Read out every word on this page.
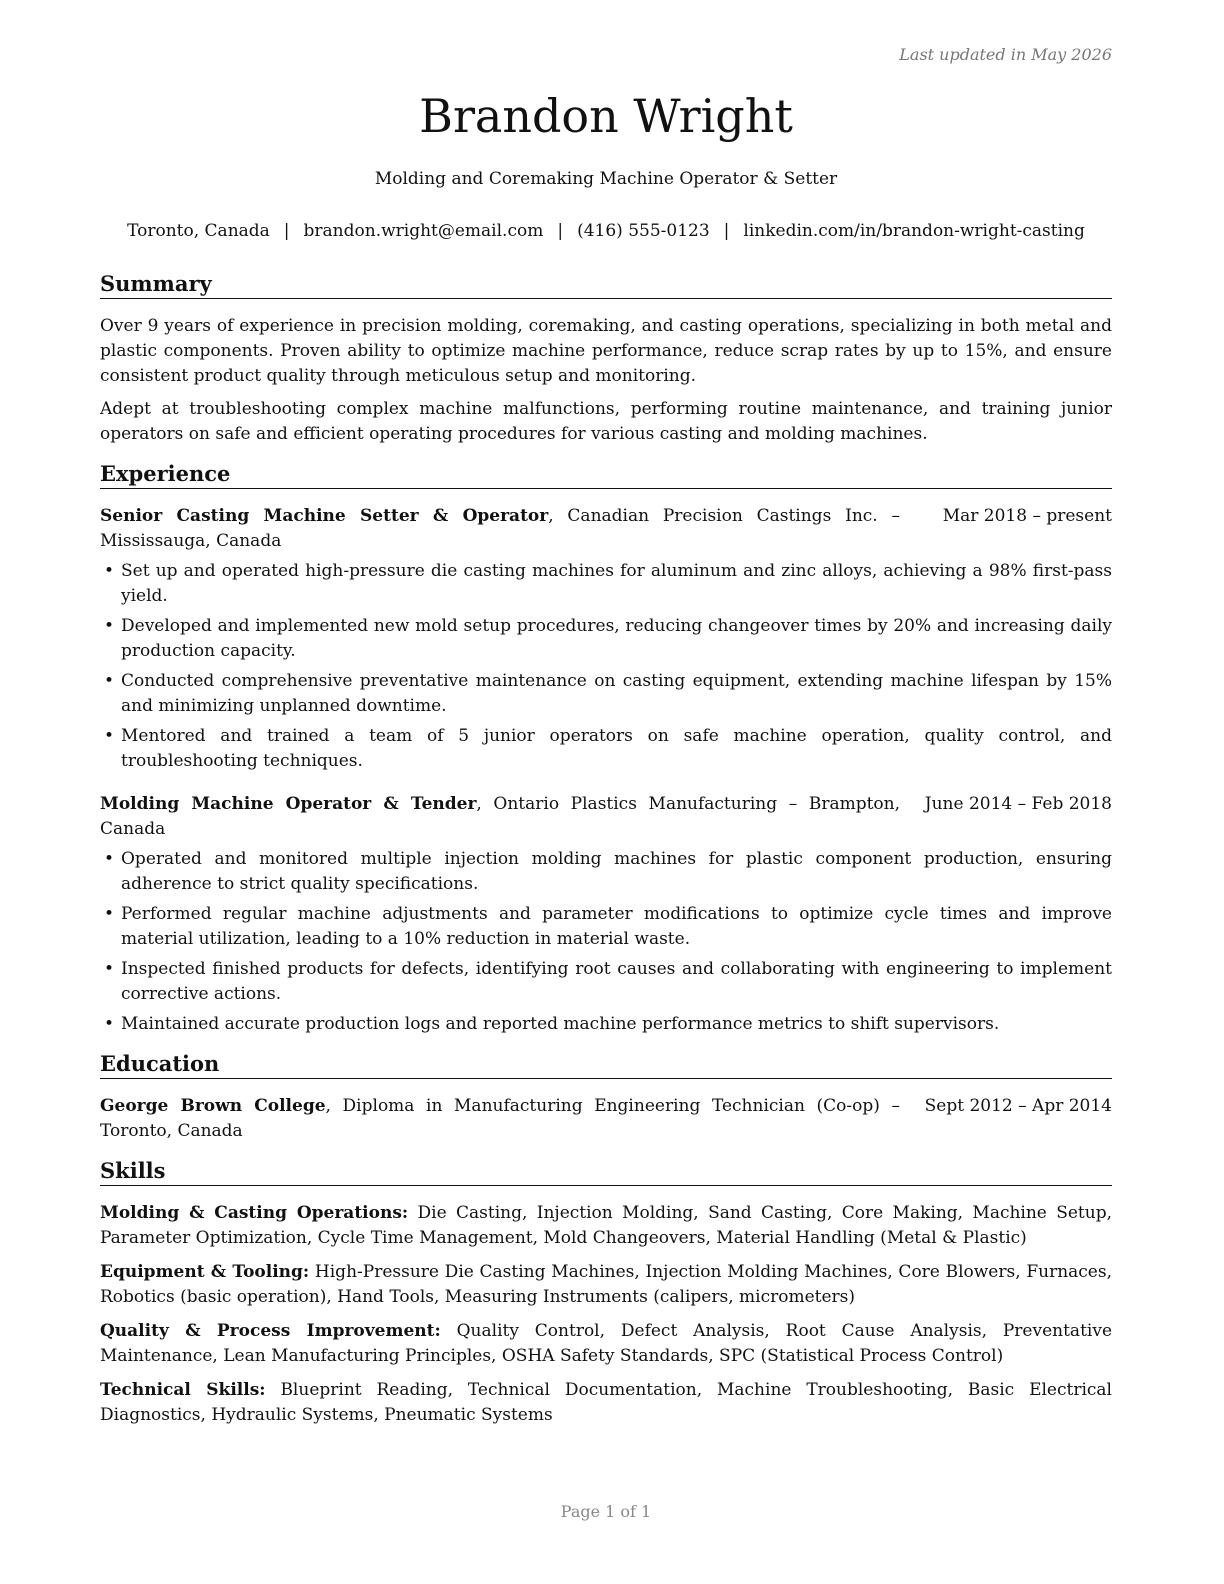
Last updated in May 2026
Brandon Wright
Molding and Coremaking Machine Operator & Setter
Toronto, Canada | brandon.wright@email.com | (416) 555-0123 | linkedin.com/in/brandon-wright-casting
Summary

Over 9 years of experience in precision molding, coremaking, and casting operations, specializing in both metal and plastic components. Proven ability to optimize machine performance, reduce scrap rates by up to 15%, and ensure consistent product quality through meticulous setup and monitoring.

Adept at troubleshooting complex machine malfunctions, performing routine maintenance, and training junior operators on safe and efficient operating procedures for various casting and molding machines.

Experience
Senior Casting Machine Setter & Operator, Canadian Precision Castings Inc. – Mississauga, Canada
Mar 2018 – present
• Set up and operated high-pressure die casting machines for aluminum and zinc alloys, achieving a 98% first-pass yield.
• Developed and implemented new mold setup procedures, reducing changeover times by 20% and increasing daily production capacity.
• Conducted comprehensive preventative maintenance on casting equipment, extending machine lifespan by 15% and minimizing unplanned downtime.
• Mentored and trained a team of 5 junior operators on safe machine operation, quality control, and troubleshooting techniques.
Molding Machine Operator & Tender, Ontario Plastics Manufacturing – Brampton, Canada
June 2014 – Feb 2018
• Operated and monitored multiple injection molding machines for plastic component production, ensuring adherence to strict quality specifications.
• Performed regular machine adjustments and parameter modifications to optimize cycle times and improve material utilization, leading to a 10% reduction in material waste.
• Inspected finished products for defects, identifying root causes and collaborating with engineering to implement corrective actions.
• Maintained accurate production logs and reported machine performance metrics to shift supervisors.
Education
George Brown College, Diploma in Manufacturing Engineering Technician (Co-op) – Toronto, Canada
Sept 2012 – Apr 2014
Skills

Molding & Casting Operations: Die Casting, Injection Molding, Sand Casting, Core Making, Machine Setup, Parameter Optimization, Cycle Time Management, Mold Changeovers, Material Handling (Metal & Plastic)

Equipment & Tooling: High-Pressure Die Casting Machines, Injection Molding Machines, Core Blowers, Furnaces, Robotics (basic operation), Hand Tools, Measuring Instruments (calipers, micrometers)

Quality & Process Improvement: Quality Control, Defect Analysis, Root Cause Analysis, Preventative Maintenance, Lean Manufacturing Principles, OSHA Safety Standards, SPC (Statistical Process Control)

Technical Skills: Blueprint Reading, Technical Documentation, Machine Troubleshooting, Basic Electrical Diagnostics, Hydraulic Systems, Pneumatic Systems

Page 1 of 1
